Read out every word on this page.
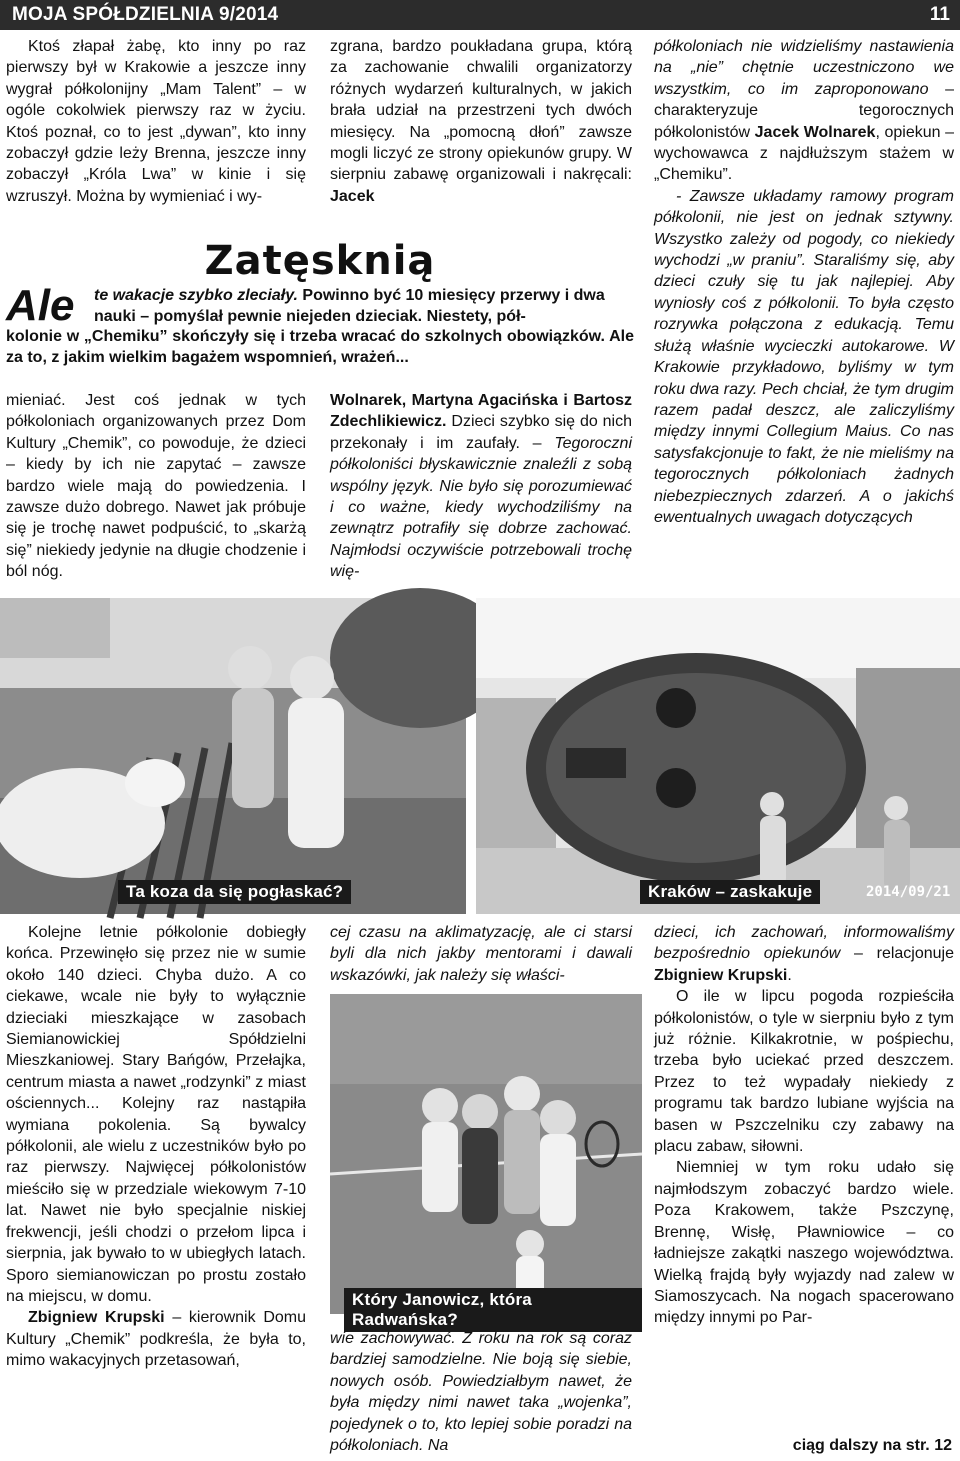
MOJA SPÓŁDZIELNIA 9/2014	11

Ktoś złapał żabę, kto inny po raz pierwszy był w Krakowie a jeszcze inny wygrał półkolonijny „Mam Talent” – w ogóle cokolwiek pierwszy raz w życiu. Ktoś poznał, co to jest „dywan”, kto inny zobaczył gdzie leży Brenna, jeszcze inny zobaczył „Króla Lwa” w kinie i się wzruszył. Można by wymieniać i wy-

zgrana, bardzo poukładana grupa, którą za zachowanie chwalili organizatorzy różnych wydarzeń kulturalnych, w jakich brała udział na przestrzeni tych dwóch miesięcy. Na „pomocną dłoń” zawsze mogli liczyć ze strony opiekunów grupy. W sierpniu zabawę organizowali i nakręcali: Jacek

półkoloniach nie widzieliśmy nastawienia na „nie” chętnie uczestniczono we wszystkim, co im zaproponowano – charakteryzuje tegorocznych półkolonistów Jacek Wolnarek, opiekun – wychowawca z najdłuższym stażem w „Chemiku”.

- Zawsze układamy ramowy program półkolonii, nie jest on jednak sztywny. Wszystko zależy od pogody, co niekiedy wychodzi „w praniu”. Staraliśmy się, aby dzieci czuły się tu jak najlepiej. Aby wyniosły coś z półkolonii. To była często rozrywka połączona z edukacją. Temu służą właśnie wycieczki autokarowe. W Krakowie przykładowo, byliśmy w tym roku dwa razy. Pech chciał, że tym drugim razem padał deszcz, ale zaliczyliśmy między innymi Collegium Maius. Co nas satysfakcjonuje to fakt, że nie mieliśmy na tegorocznych półkoloniach żadnych niebezpiecznych zdarzeń. A o jakichś ewentualnych uwagach dotyczących

Zatęsknią
Ale te wakacje szybko zleciały. Powinno być 10 miesięcy przerwy i dwa nauki – pomyślał pewnie niejeden dzieciak. Niestety, pół-
kolonie w „Chemiku” skończyły się i trzeba wracać do szkolnych obowiązków. Ale za to, z jakim wielkim bagażem wspomnień, wrażeń...

mieniać. Jest coś jednak w tych półkoloniach organizowanych przez Dom Kultury „Chemik”, co powoduje, że dzieci – kiedy by ich nie zapytać – zawsze bardzo wiele mają do powiedzenia. I zawsze dużo dobrego. Nawet jak próbuje się je trochę nawet podpuścić, to „skarżą się” niekiedy jedynie na długie chodzenie i ból nóg.

Wolnarek, Martyna Agacińska i Bartosz Zdechlikiewicz. Dzieci szybko się do nich przekonały i im zaufały. – Tegoroczni półkoloniści błyskawicznie znaleźli z sobą wspólny język. Nie było się porozumiewać i co ważne, kiedy wychodziliśmy na zewnątrz potrafiły się dobrze zachować. Najmłodsi oczywiście potrzebowali trochę wię-

Ta koza da się pogłaskać?	Kraków – zaskakuje	2014/09/21

Kolejne letnie półkolonie dobiegły końca. Przewinęło się przez nie w sumie około 140 dzieci. Chyba dużo. A co ciekawe, wcale nie były to wyłącznie dzieciaki mieszkające w zasobach Siemianowickiej Spółdzielni Mieszkaniowej. Stary Bańgów, Przełajka, centrum miasta a nawet „rodzynki” z miast ościennych... Kolejny raz nastąpiła wymiana pokolenia. Są bywalcy półkolonii, ale wielu z uczestników było po raz pierwszy. Najwięcej półkolonistów mieściło się w przedziale wiekowym 7-10 lat. Nawet nie było specjalnie niskiej frekwencji, jeśli chodzi o przełom lipca i sierpnia, jak bywało to w ubiegłych latach. Sporo siemianowiczan po prostu zostało na miejscu, w domu.

Zbigniew Krupski – kierownik Domu Kultury „Chemik” podkreśla, że była to, mimo wakacyjnych przetasowań,

cej czasu na aklimatyzację, ale ci starsi byli dla nich jakby mentorami i dawali wskazówki, jak należy się właści-

Który Janowicz, która Radwańska?

wie zachowywać. Z roku na rok są coraz bardziej samodzielne. Nie boją się siebie, nowych osób. Powiedziałbym nawet, że była między nimi nawet taka „wojenka”, pojedynek o to, kto lepiej sobie poradzi na półkoloniach. Na

dzieci, ich zachowań, informowaliśmy bezpośrednio opiekunów – relacjonuje Zbigniew Krupski.

O ile w lipcu pogoda rozpieściła półkolonistów, o tyle w sierpniu było z tym już różnie. Kilkakrotnie, w pośpiechu, trzeba było uciekać przed deszczem. Przez to też wypadały niekiedy z programu tak bardzo lubiane wyjścia na basen w Pszczelniku czy zabawy na placu zabaw, siłowni.

Niemniej w tym roku udało się najmłodszym zobaczyć bardzo wiele. Poza Krakowem, także Pszczynę, Brennę, Wisłę, Pławniowice – co ładniejsze zakątki naszego województwa. Wielką frajdą były wyjazdy nad zalew w Siamoszycach. Na nogach spacerowano między innymi po Par-

ciąg dalszy na str. 12
